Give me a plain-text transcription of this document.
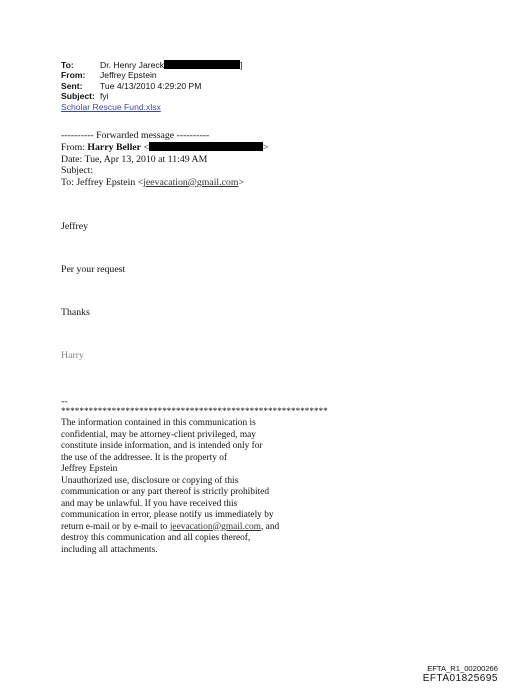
To:	Dr. Henry Jareck	]
From:	Jeffrey Epstein
Sent:	Tue 4/13/2010 4:29:20 PM
Subject: fyi
Scholar Rescue Fund.xlsx
---------- Forwarded message ----------
From: Harry Beller <	>
Date: Tue, Apr 13, 2010 at 11:49 AM
Subject:
To: Jeffrey Epstein <jeevacation@gmail.com>
Jeffrey
Per your request
Thanks
Harry
--
**********************************************************
The information contained in this communication is
confidential, may be attorney-client privileged, may
constitute inside information, and is intended only for
the use of the addressee. It is the property of
Jeffrey Epstein
Unauthorized use, disclosure or copying of this
communication or any part thereof is strictly prohibited
and may be unlawful. If you have received this
communication in error, please notify us immediately by
return e-mail or by e-mail to jeevacation@gmail.com, and
destroy this communication and all copies thereof,
including all attachments.
EFTA_R1_00200266
EFTA01825695
